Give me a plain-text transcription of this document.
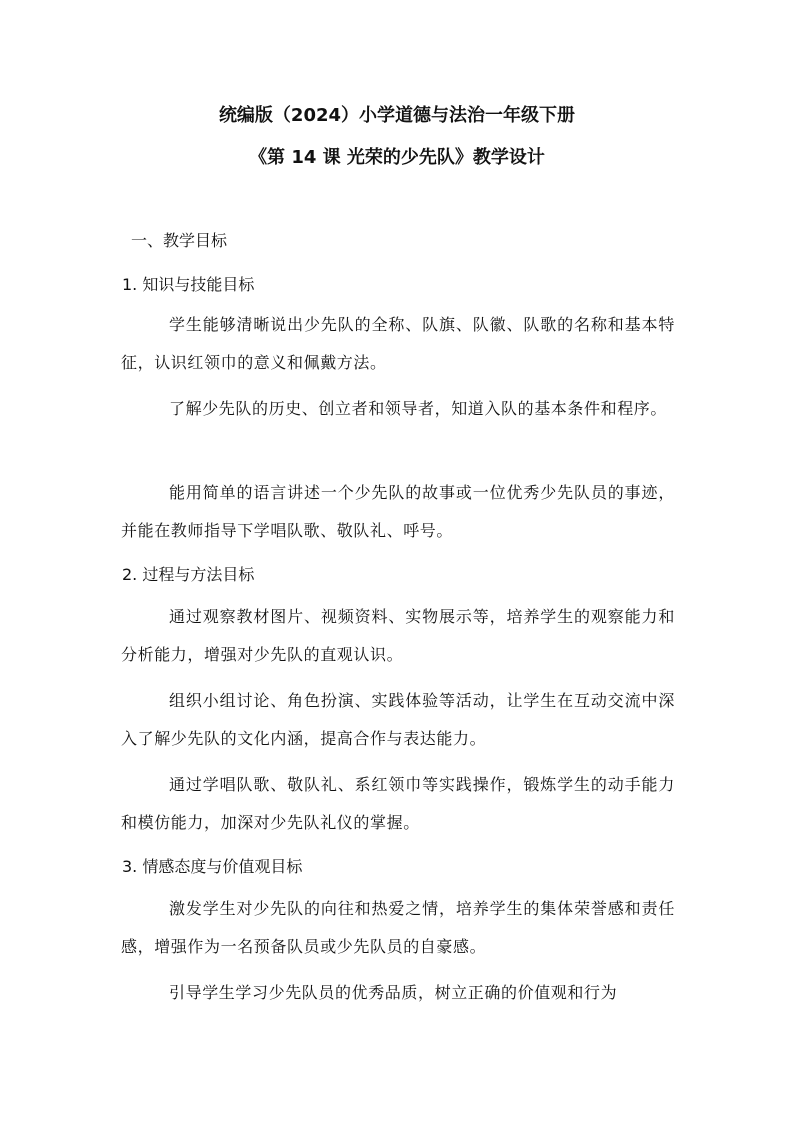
统编版（2024）小学道德与法治一年级下册
《第 14 课 光荣的少先队》教学设计
一、教学目标
1. 知识与技能目标

学生能够清晰说出少先队的全称、队旗、队徽、队歌的名称和基本特征，认识红领巾的意义和佩戴方法。

了解少先队的历史、创立者和领导者，知道入队的基本条件和程序。

能用简单的语言讲述一个少先队的故事或一位优秀少先队员的事迹，并能在教师指导下学唱队歌、敬队礼、呼号。

2. 过程与方法目标

通过观察教材图片、视频资料、实物展示等，培养学生的观察能力和分析能力，增强对少先队的直观认识。

组织小组讨论、角色扮演、实践体验等活动，让学生在互动交流中深入了解少先队的文化内涵，提高合作与表达能力。

通过学唱队歌、敬队礼、系红领巾等实践操作，锻炼学生的动手能力和模仿能力，加深对少先队礼仪的掌握。

3. 情感态度与价值观目标

激发学生对少先队的向往和热爱之情，培养学生的集体荣誉感和责任感，增强作为一名预备队员或少先队员的自豪感。

引导学生学习少先队员的优秀品质，树立正确的价值观和行为
